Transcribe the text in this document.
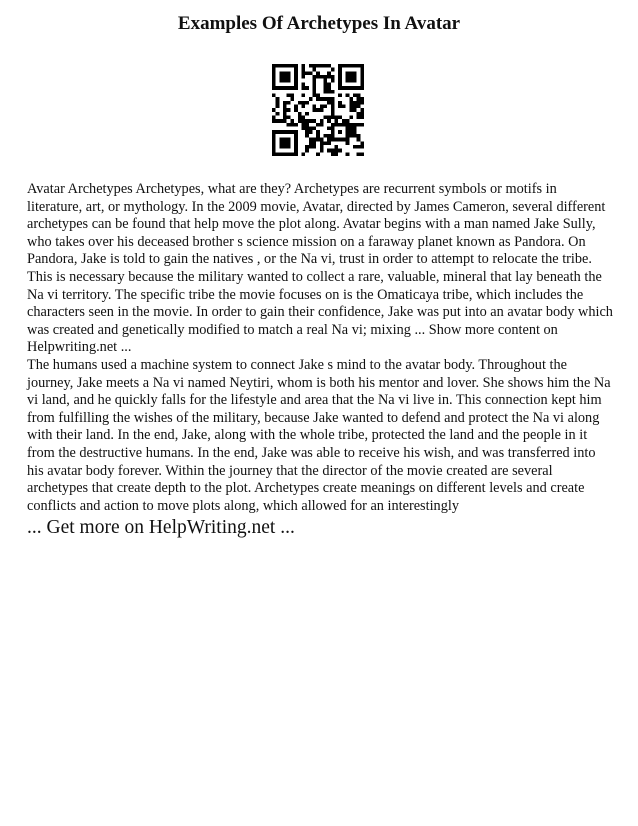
Examples Of Archetypes In Avatar

Avatar Archetypes Archetypes, what are they? Archetypes are recurrent symbols or motifs in literature, art, or mythology. In the 2009 movie, Avatar, directed by James Cameron, several different archetypes can be found that help move the plot along. Avatar begins with a man named Jake Sully, who takes over his deceased brother s science mission on a faraway planet known as Pandora. On Pandora, Jake is told to gain the natives , or the Na vi, trust in order to attempt to relocate the tribe. This is necessary because the military wanted to collect a rare, valuable, mineral that lay beneath the Na vi territory. The specific tribe the movie focuses on is the Omaticaya tribe, which includes the characters seen in the movie. In order to gain their confidence, Jake was put into an avatar body which was created and genetically modified to match a real Na vi; mixing ... Show more content on Helpwriting.net ...

The humans used a machine system to connect Jake s mind to the avatar body. Throughout the journey, Jake meets a Na vi named Neytiri, whom is both his mentor and lover. She shows him the Na vi land, and he quickly falls for the lifestyle and area that the Na vi live in. This connection kept him from fulfilling the wishes of the military, because Jake wanted to defend and protect the Na vi along with their land. In the end, Jake, along with the whole tribe, protected the land and the people in it from the destructive humans. In the end, Jake was able to receive his wish, and was transferred into his avatar body forever. Within the journey that the director of the movie created are several archetypes that create depth to the plot. Archetypes create meanings on different levels and create conflicts and action to move plots along, which allowed for an interestingly

... Get more on HelpWriting.net ...
